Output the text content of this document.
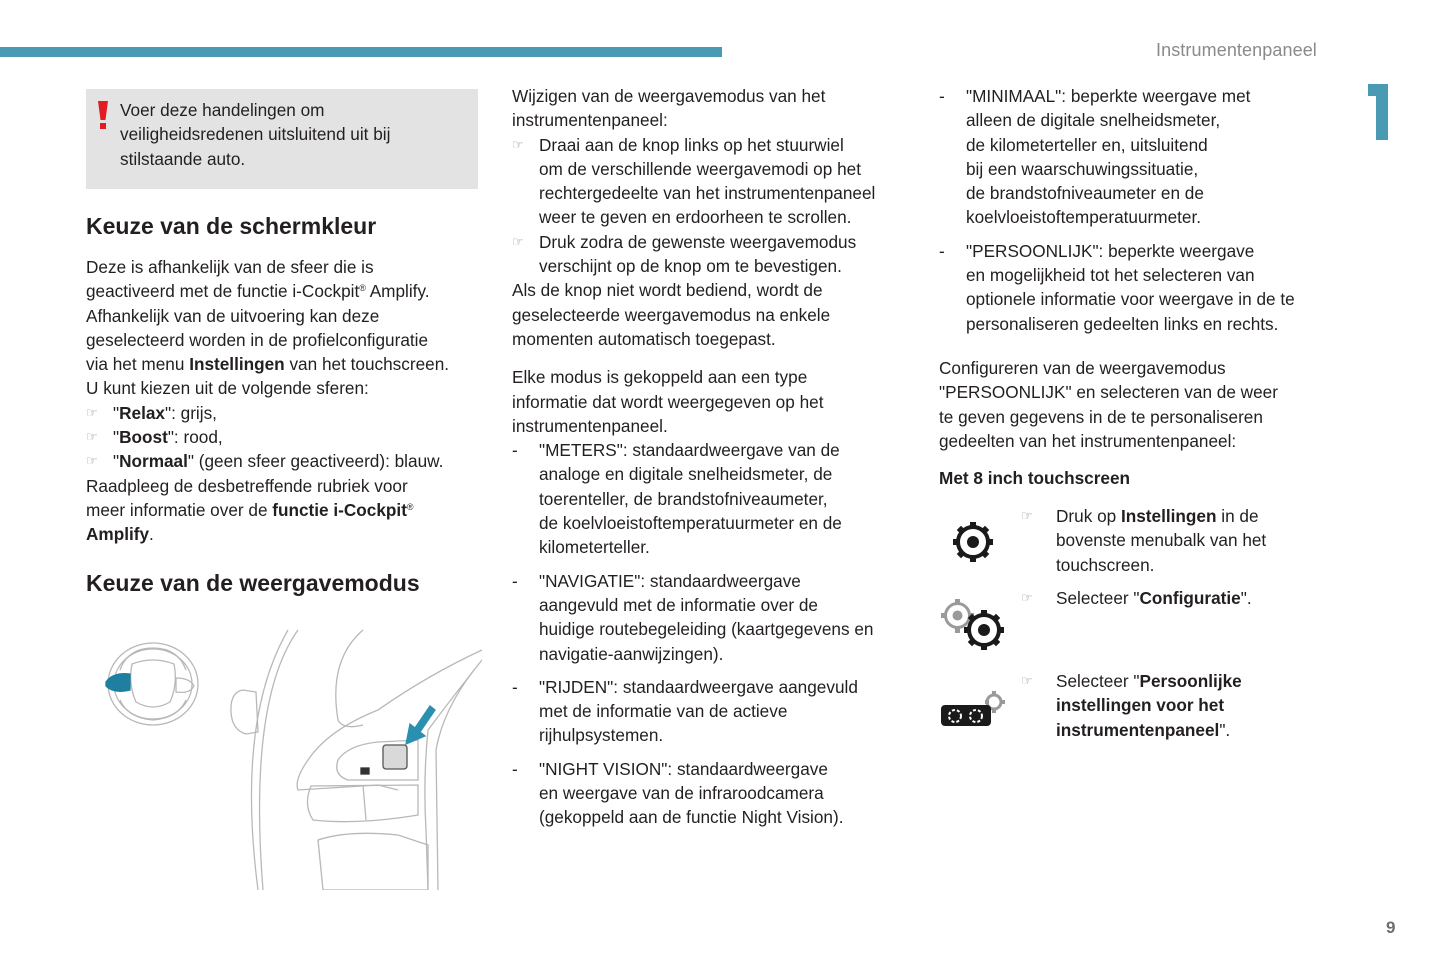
Instrumentenpaneel
Voer deze handelingen om
veiligheidsredenen uitsluitend uit bij
stilstaande auto.
Keuze van de schermkleur

Deze is afhankelijk van de sfeer die is

geactiveerd met de functie i-Cockpit® Amplify.

Afhankelijk van de uitvoering kan deze

geselecteerd worden in de profielconfiguratie

via het menu Instellingen van het touchscreen.

U kunt kiezen uit de volgende sferen:

☞ "Relax": grijs,
☞ "Boost": rood,
☞ "Normaal" (geen sfeer geactiveerd): blauw.

Raadpleeg de desbetreffende rubriek voor

meer informatie over de functie i-Cockpit®

Amplify.

Keuze van de weergavemodus

Wijzigen van de weergavemodus van het

instrumentenpaneel:

☞ Draai aan de knop links op het stuurwiel
om de verschillende weergavemodi op het
rechtergedeelte van het instrumentenpaneel
weer te geven en erdoorheen te scrollen.
☞ Druk zodra de gewenste weergavemodus
verschijnt op de knop om te bevestigen.

Als de knop niet wordt bediend, wordt de

geselecteerde weergavemodus na enkele

momenten automatisch toegepast.

Elke modus is gekoppeld aan een type

informatie dat wordt weergegeven op het

instrumentenpaneel.

- "METERS": standaardweergave van de
analoge en digitale snelheidsmeter, de
toerenteller, de brandstofniveaumeter,
de koelvloeistoftemperatuurmeter en de
kilometerteller.
- "NAVIGATIE": standaardweergave
aangevuld met de informatie over de
huidige routebegeleiding (kaartgegevens en
navigatie-aanwijzingen).
- "RIJDEN": standaardweergave aangevuld
met de informatie van de actieve
rijhulpsystemen.
- "NIGHT VISION": standaardweergave
en weergave van de infraroodcamera
(gekoppeld aan de functie Night Vision).
- "MINIMAAL": beperkte weergave met
alleen de digitale snelheidsmeter,
de kilometerteller en, uitsluitend
bij een waarschuwingssituatie,
de brandstofniveaumeter en de
koelvloeistoftemperatuurmeter.
- "PERSOONLIJK": beperkte weergave
en mogelijkheid tot het selecteren van
optionele informatie voor weergave in de te
personaliseren gedeelten links en rechts.

Configureren van de weergavemodus

"PERSOONLIJK" en selecteren van de weer

te geven gegevens in de te personaliseren

gedeelten van het instrumentenpaneel:

Met 8 inch touchscreen

☞ Druk op Instellingen in de
bovenste menubalk van het
touchscreen.
☞ Selecteer "Configuratie".
☞ Selecteer "Persoonlijke
instellingen voor het
instrumentenpaneel".
9
